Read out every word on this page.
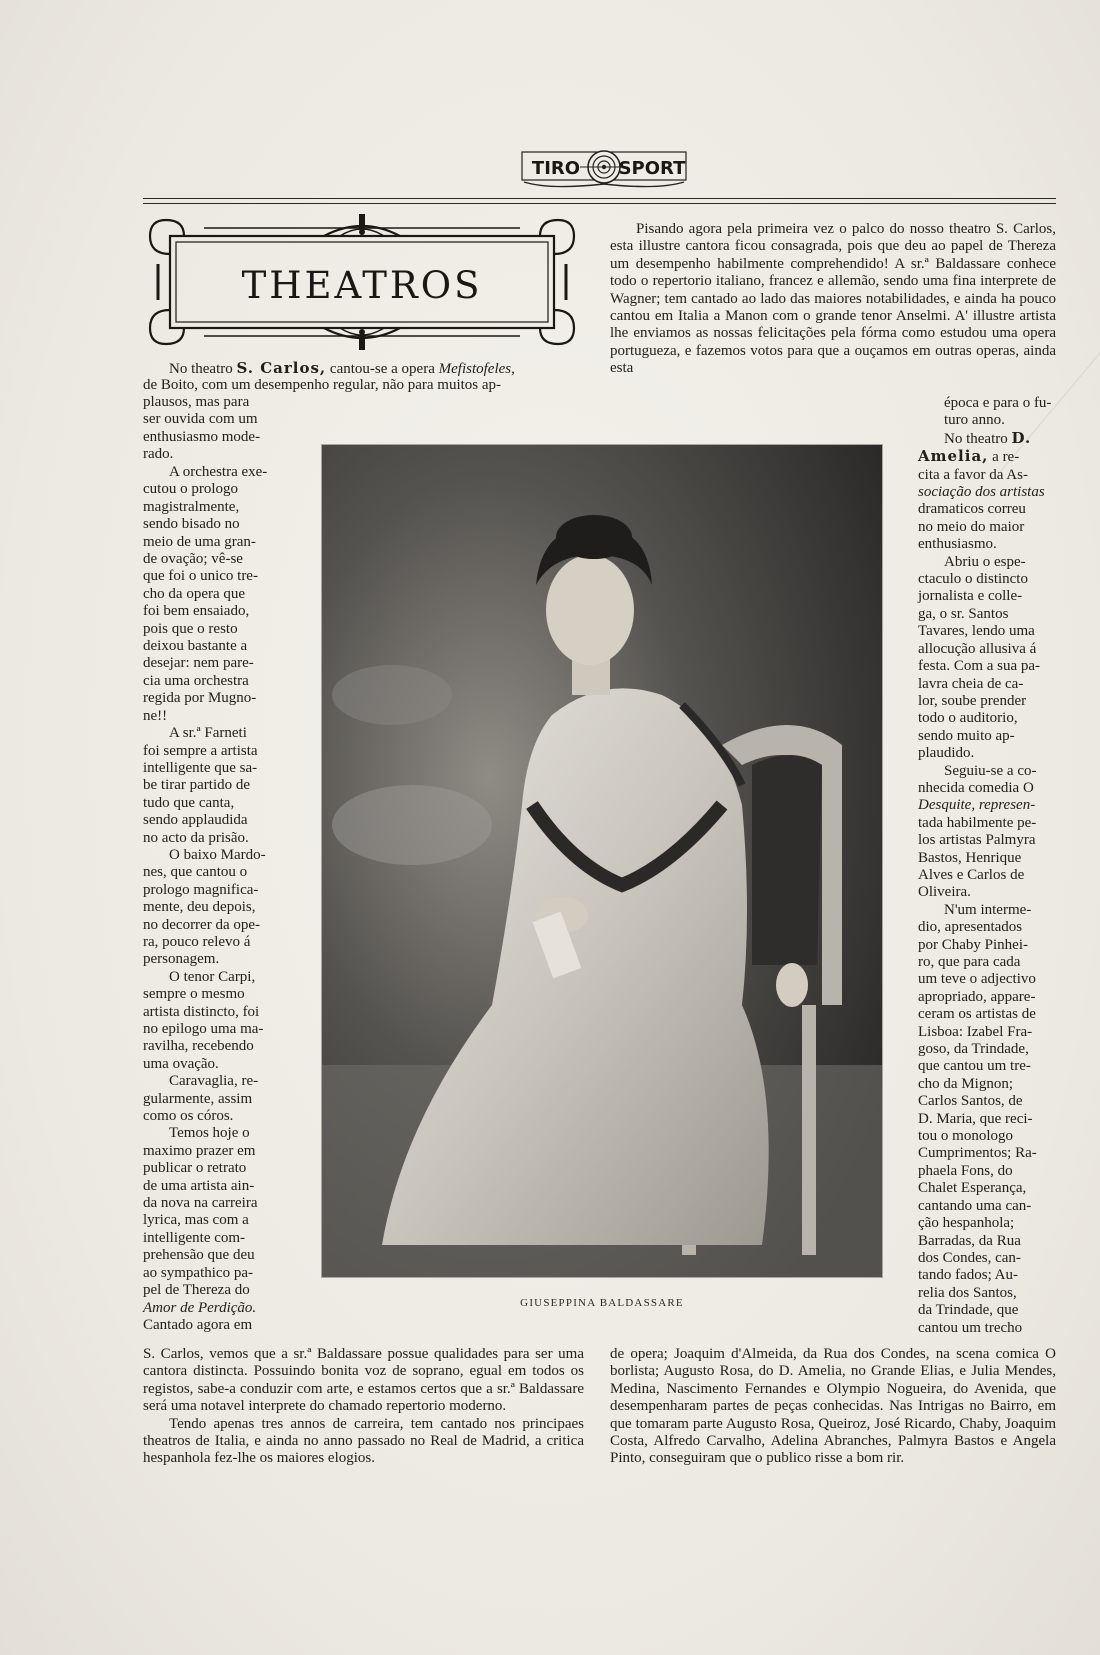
TIRO SPORT
THEATROS
GIUSEPPINA BALDASSARE

No theatro S. Carlos, cantou-se a opera Mefistofeles,

de Boito, com um desempenho regular, não para muitos ap-
plausos, mas para
ser ouvida com um
enthusiasmo mode-
rado.
A orchestra exe-
cutou o prologo
magistralmente,
sendo bisado no
meio de uma gran-
de ovação; vê-se
que foi o unico tre-
cho da opera que
foi bem ensaiado,
pois que o resto
deixou bastante a
desejar: nem pare-
cia uma orchestra
regida por Mugno-
ne!!
A sr.ª Farneti
foi sempre a artista
intelligente que sa-
be tirar partido de
tudo que canta,
sendo applaudida
no acto da prisão.
O baixo Mardo-
nes, que cantou o
prologo magnifica-
mente, deu depois,
no decorrer da ope-
ra, pouco relevo á
personagem.
O tenor Carpi,
sempre o mesmo
artista distincto, foi
no epilogo uma ma-
ravilha, recebendo
uma ovação.
Caravaglia, re-
gularmente, assim
como os córos.
Temos hoje o
maximo prazer em
publicar o retrato
de uma artista ain-
da nova na carreira
lyrica, mas com a
intelligente com-
prehensão que deu
ao sympathico pa-
pel de Thereza do
Amor de Perdição.
Cantado agora em
S. Carlos, vemos que a sr.ª Baldassare possue qualidades para ser uma cantora distincta. Possuindo bonita voz de soprano, egual em todos os registos, sabe-a conduzir com arte, e estamos certos que a sr.ª Baldassare será uma notavel interprete do chamado repertorio moderno.

Tendo apenas tres annos de carreira, tem cantado nos principaes theatros de Italia, e ainda no anno passado no Real de Madrid, a critica hespanhola fez-lhe os maiores elogios.

Pisando agora pela primeira vez o palco do nosso theatro S. Carlos, esta illustre cantora ficou consagrada, pois que deu ao papel de Thereza um desempenho habilmente comprehendido! A sr.ª Baldassare conhece todo o repertorio italiano, francez e allemão, sendo uma fina interprete de Wagner; tem cantado ao lado das maiores notabilidades, e ainda ha pouco cantou em Italia a Manon com o grande tenor Anselmi. A' illustre artista lhe enviamos as nossas felicitações pela fórma como estudou uma opera portugueza, e fazemos votos para que a ouçamos em outras operas, ainda esta

época e para o fu-
turo anno.
No theatro D.
Amelia, a re-
cita a favor da As-
sociação dos artistas
dramaticos correu
no meio do maior
enthusiasmo.
Abriu o espe-
ctaculo o distincto
jornalista e colle-
ga, o sr. Santos
Tavares, lendo uma
allocução allusiva á
festa. Com a sua pa-
lavra cheia de ca-
lor, soube prender
todo o auditorio,
sendo muito ap-
plaudido.
Seguiu-se a co-
nhecida comedia O
Desquite, represen-
tada habilmente pe-
los artistas Palmyra
Bastos, Henrique
Alves e Carlos de
Oliveira.
N'um interme-
dio, apresentados
por Chaby Pinhei-
ro, que para cada
um teve o adjectivo
apropriado, appare-
ceram os artistas de
Lisboa: Izabel Fra-
goso, da Trindade,
que cantou um tre-
cho da Mignon;
Carlos Santos, de
D. Maria, que reci-
tou o monologo
Cumprimentos; Ra-
phaela Fons, do
Chalet Esperança,
cantando uma can-
ção hespanhola;
Barradas, da Rua
dos Condes, can-
tando fados; Au-
relia dos Santos,
da Trindade, que
cantou um trecho
de opera; Joaquim d'Almeida, da Rua dos Condes, na scena comica O borlista; Augusto Rosa, do D. Amelia, no Grande Elias, e Julia Mendes, Medina, Nascimento Fernandes e Olympio Nogueira, do Avenida, que desempenharam partes de peças conhecidas. Nas Intrigas no Bairro, em que tomaram parte Augusto Rosa, Queiroz, José Ricardo, Chaby, Joaquim Costa, Alfredo Carvalho, Adelina Abranches, Palmyra Bastos e Angela Pinto, conseguiram que o publico risse a bom rir.
